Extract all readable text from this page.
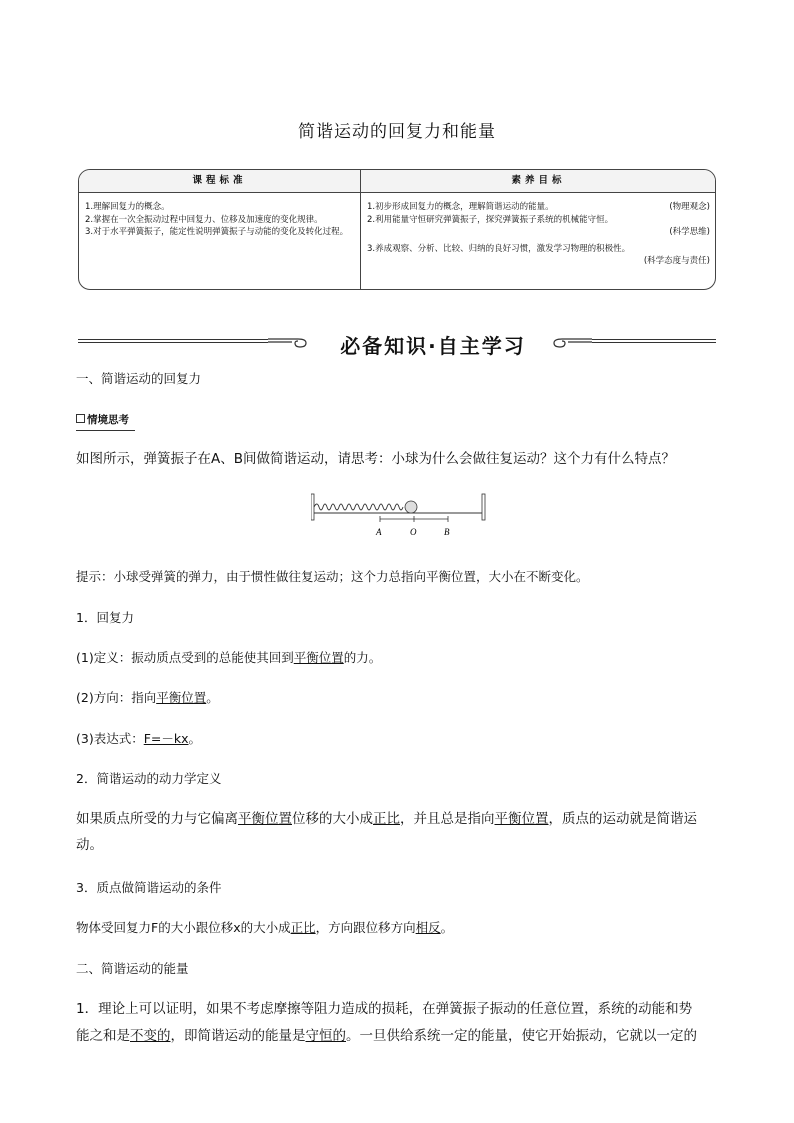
简谐运动的回复力和能量
课程标准
1.理解回复力的概念。
2.掌握在一次全振动过程中回复力、位移及加速度的变化规律。
3.对于水平弹簧振子，能定性说明弹簧振子与动能的变化及转化过程。
素养目标
1.初步形成回复力的概念，理解简谐运动的能量。	(物理观念)
2.利用能量守恒研究弹簧振子，探究弹簧振子系统的机械能守恒。
(科学思维)
3.养成观察、分析、比较、归纳的良好习惯，激发学习物理的积极性。
(科学态度与责任)
必备知识·自主学习
一、简谐运动的回复力
情境思考
如图所示，弹簧振子在A、B间做简谐运动，请思考：小球为什么会做往复运动？这个力有什么特点？
A	O	B
提示：小球受弹簧的弹力，由于惯性做往复运动；这个力总指向平衡位置，大小在不断变化。
1．回复力
(1)定义：振动质点受到的总能使其回到平衡位置的力。
(2)方向：指向平衡位置。
(3)表达式：F=－kx。
2．简谐运动的动力学定义
如果质点所受的力与它偏离平衡位置位移的大小成正比，并且总是指向平衡位置，质点的运动就是简谐运
动。
3．质点做简谐运动的条件
物体受回复力F的大小跟位移x的大小成正比，方向跟位移方向相反。
二、简谐运动的能量
1．理论上可以证明，如果不考虑摩擦等阻力造成的损耗，在弹簧振子振动的任意位置，系统的动能和势
能之和是不变的，即简谐运动的能量是守恒的。一旦供给系统一定的能量，使它开始振动，它就以一定的
